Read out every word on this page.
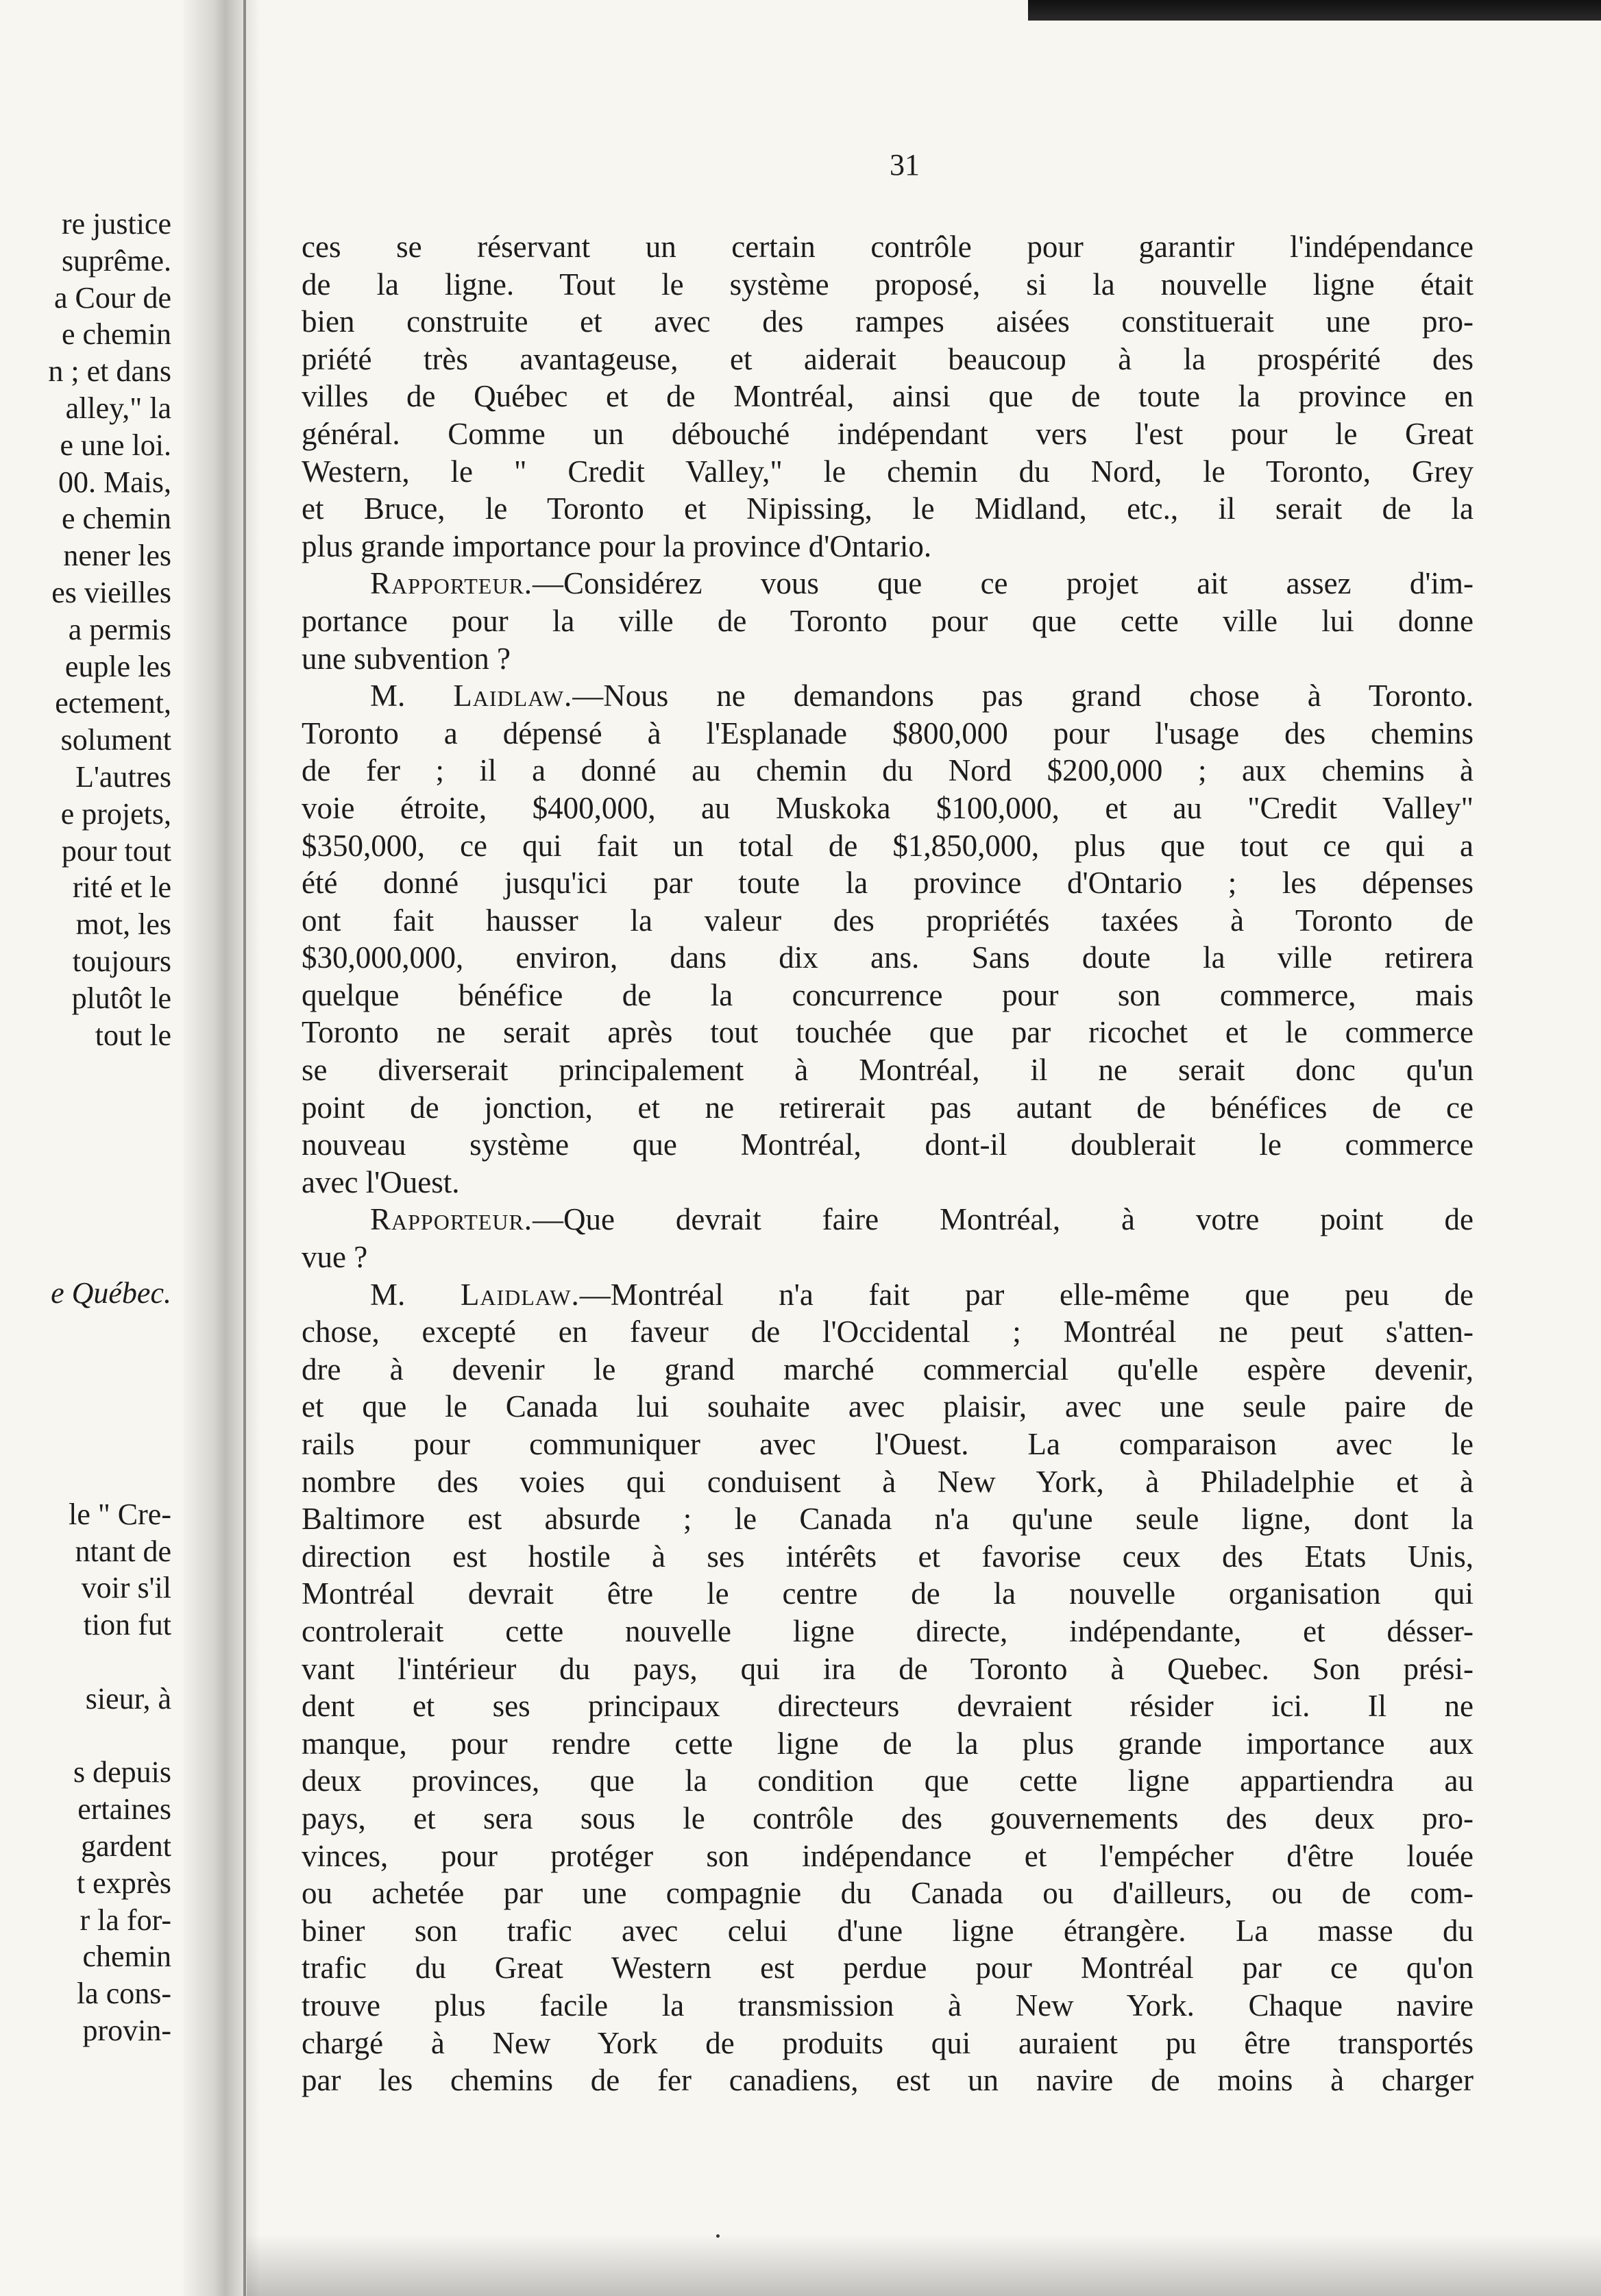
re justice
suprême.
a Cour de
e chemin
n ; et dans
alley," la
e une loi.
00. Mais,
e chemin
nener les
es vieilles
a permis
euple les
ectement,
solument
L'autres
e projets,
pour tout
rité et le
mot, les
toujours
plutôt le
tout le
e Québec.
le " Cre-
ntant de
voir s'il
tion fut
sieur, à
s depuis
ertaines
gardent
t exprès
r la for-
chemin
la cons-
provin-
31
ces se réservant un certain contrôle pour garantir l'indépendance
de la ligne. Tout le système proposé, si la nouvelle ligne était
bien construite et avec des rampes aisées constituerait une pro-
priété très avantageuse, et aiderait beaucoup à la prospérité des
villes de Québec et de Montréal, ainsi que de toute la province en
général. Comme un débouché indépendant vers l'est pour le Great
Western, le " Credit Valley," le chemin du Nord, le Toronto, Grey
et Bruce, le Toronto et Nipissing, le Midland, etc., il serait de la
plus grande importance pour la province d'Ontario.
Rapporteur.—Considérez vous que ce projet ait assez d'im-
portance pour la ville de Toronto pour que cette ville lui donne
une subvention ?
M. Laidlaw.—Nous ne demandons pas grand chose à Toronto.
Toronto a dépensé à l'Esplanade $800,000 pour l'usage des chemins
de fer ; il a donné au chemin du Nord $200,000 ; aux chemins à
voie étroite, $400,000, au Muskoka $100,000, et au "Credit Valley"
$350,000, ce qui fait un total de $1,850,000, plus que tout ce qui a
été donné jusqu'ici par toute la province d'Ontario ; les dépenses
ont fait hausser la valeur des propriétés taxées à Toronto de
$30,000,000, environ, dans dix ans. Sans doute la ville retirera
quelque bénéfice de la concurrence pour son commerce, mais
Toronto ne serait après tout touchée que par ricochet et le commerce
se diverserait principalement à Montréal, il ne serait donc qu'un
point de jonction, et ne retirerait pas autant de bénéfices de ce
nouveau système que Montréal, dont-il doublerait le commerce
avec l'Ouest.
Rapporteur.—Que devrait faire Montréal, à votre point de
vue ?
M. Laidlaw.—Montréal n'a fait par elle-même que peu de
chose, excepté en faveur de l'Occidental ; Montréal ne peut s'atten-
dre à devenir le grand marché commercial qu'elle espère devenir,
et que le Canada lui souhaite avec plaisir, avec une seule paire de
rails pour communiquer avec l'Ouest. La comparaison avec le
nombre des voies qui conduisent à New York, à Philadelphie et à
Baltimore est absurde ; le Canada n'a qu'une seule ligne, dont la
direction est hostile à ses intérêts et favorise ceux des Etats Unis,
Montréal devrait être le centre de la nouvelle organisation qui
controlerait cette nouvelle ligne directe, indépendante, et désser-
vant l'intérieur du pays, qui ira de Toronto à Quebec. Son prési-
dent et ses principaux directeurs devraient résider ici. Il ne
manque, pour rendre cette ligne de la plus grande importance aux
deux provinces, que la condition que cette ligne appartiendra au
pays, et sera sous le contrôle des gouvernements des deux pro-
vinces, pour protéger son indépendance et l'empécher d'être louée
ou achetée par une compagnie du Canada ou d'ailleurs, ou de com-
biner son trafic avec celui d'une ligne étrangère. La masse du
trafic du Great Western est perdue pour Montréal par ce qu'on
trouve plus facile la transmission à New York. Chaque navire
chargé à New York de produits qui auraient pu être transportés
par les chemins de fer canadiens, est un navire de moins à charger
